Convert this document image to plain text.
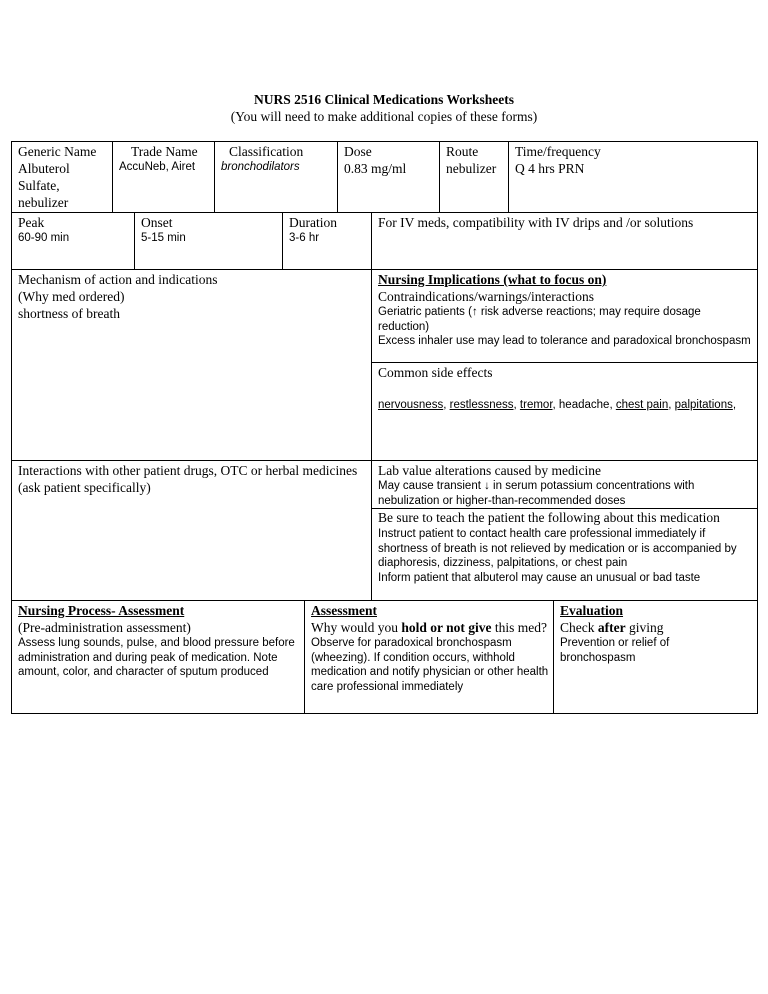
NURS 2516 Clinical Medications Worksheets
(You will need to make additional copies of these forms)
Generic Name
Albuterol Sulfate, nebulizer
Trade Name
AccuNeb, Airet
Classification
bronchodilators
Dose
0.83 mg/ml
Route
nebulizer
Time/frequency
Q 4 hrs PRN
Peak
60-90 min
Onset
5-15 min
Duration
3-6 hr
For IV meds, compatibility with IV drips and /or solutions
Mechanism of action and indications
(Why med ordered)
shortness of breath
Nursing Implications (what to focus on)
Contraindications/warnings/interactions
Geriatric patients (↑ risk adverse reactions; may require dosage reduction)
Excess inhaler use may lead to tolerance and paradoxical bronchospasm
Common side effects
nervousness, restlessness, tremor, headache, chest pain, palpitations,
Interactions with other patient drugs, OTC or herbal medicines (ask patient specifically)
Lab value alterations caused by medicine
May cause transient ↓ in serum potassium concentrations with nebulization or higher-than-recommended doses
Be sure to teach the patient the following about this medication
Instruct patient to contact health care professional immediately if shortness of breath is not relieved by medication or is accompanied by diaphoresis, dizziness, palpitations, or chest pain
Inform patient that albuterol may cause an unusual or bad taste
Nursing Process- Assessment
(Pre-administration assessment)
Assess lung sounds, pulse, and blood pressure before administration and during peak of medication. Note amount, color, and character of sputum produced
Assessment
Why would you hold or not give this med?
Observe for paradoxical bronchospasm (wheezing). If condition occurs, withhold medication and notify physician or other health care professional immediately
Evaluation
Check after giving
Prevention or relief of bronchospasm
